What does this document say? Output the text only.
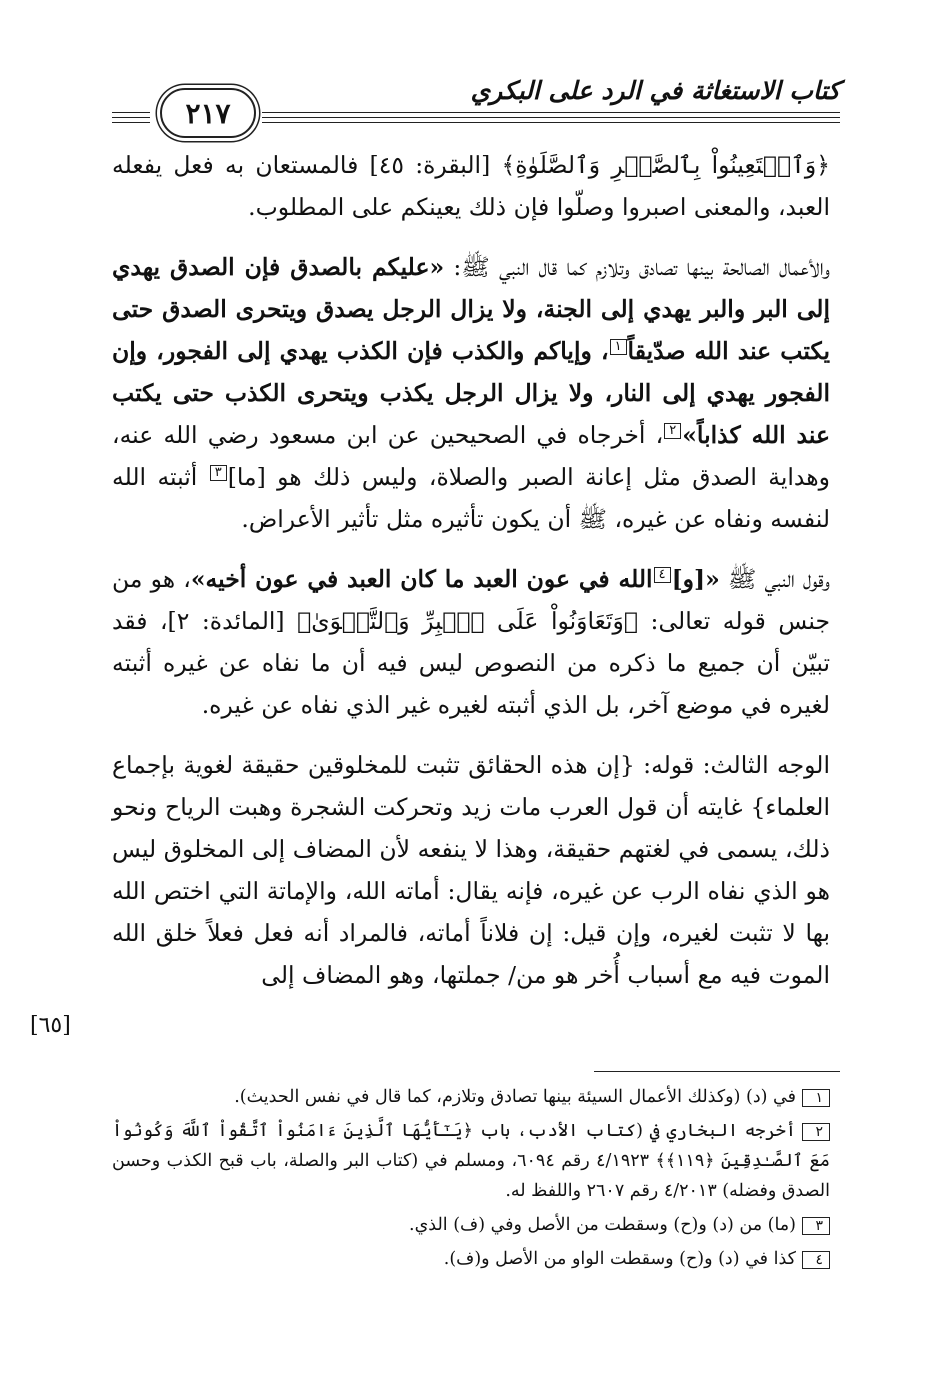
كتاب الاستغاثة في الرد على البكري
٢١٧

﴿وَٱسۡتَعِينُواْ بِٱلصَّبۡرِ وَٱلصَّلَوٰةِ﴾ [البقرة: ٤٥] فالمستعان به فعل يفعله العبد، والمعنى اصبروا وصلّوا فإن ذلك يعينكم على المطلوب.

والأعمال الصالحة بينها تصادق وتلازم كما قال النبي ﷺ: «عليكم بالصدق فإن الصدق يهدي إلى البر والبر يهدي إلى الجنة، ولا يزال الرجل يصدق ويتحرى الصدق حتى يكتب عند الله صدّيقاً١، وإياكم والكذب فإن الكذب يهدي إلى الفجور، وإن الفجور يهدي إلى النار، ولا يزال الرجل يكذب ويتحرى الكذب حتى يكتب عند الله كذاباً»٢، أخرجاه في الصحيحين عن ابن مسعود رضي الله عنه، وهداية الصدق مثل إعانة الصبر والصلاة، وليس ذلك هو [ما]٣ أثبته الله لنفسه ونفاه عن غيره، ﷺ أن يكون تأثيره مثل تأثير الأعراض.

وقول النبي ﷺ «[و]٤الله في عون العبد ما كان العبد في عون أخيه»، هو من جنس قوله تعالى: ﴿وَتَعَاوَنُواْ عَلَى ٱلۡبِرِّ وَٱلتَّقۡوَىٰ﴾ [المائدة: ٢]، فقد تبيّن أن جميع ما ذكره من النصوص ليس فيه أن ما نفاه عن غيره أثبته لغيره في موضع آخر، بل الذي أثبته لغيره غير الذي نفاه عن غيره.

الوجه الثالث: قوله: {إن هذه الحقائق تثبت للمخلوقين حقيقة لغوية بإجماع العلماء} غايته أن قول العرب مات زيد وتحركت الشجرة وهبت الرياح ونحو ذلك، يسمى في لغتهم حقيقة، وهذا لا ينفعه لأن المضاف إلى المخلوق ليس هو الذي نفاه الرب عن غيره، فإنه يقال: أماته الله، والإماتة التي اختص الله بها لا تثبت لغيره، وإن قيل: إن فلاناً أماته، فالمراد أنه فعل فعلاً خلق الله الموت فيه مع أسباب أُخر هو من/ جملتها، وهو المضاف إلى

[٦٥]

١في (د) (وكذلك الأعمال السيئة بينها تصادق وتلازم، كما قال في نفس الحديث).

٢أخرجه البخاري في (كتاب الأدب، باب ﴿يَـٰٓأَيُّهَا ٱلَّذِينَ ءَامَنُواْ ٱتَّقُواْ ٱللَّهَ وَكُونُواْ مَعَ ٱلصَّـٰدِقِينَ ﴿١١٩﴾﴾ ٤/١٩٢٣ رقم ٦٠٩٤، ومسلم في (كتاب البر والصلة، باب قبح الكذب وحسن الصدق وفضله) ٤/٢٠١٣ رقم ٢٦٠٧ واللفظ له.

٣(ما) من (د) و(ح) وسقطت من الأصل وفي (ف) الذي.

٤كذا في (د) و(ح) وسقطت الواو من الأصل و(ف).
